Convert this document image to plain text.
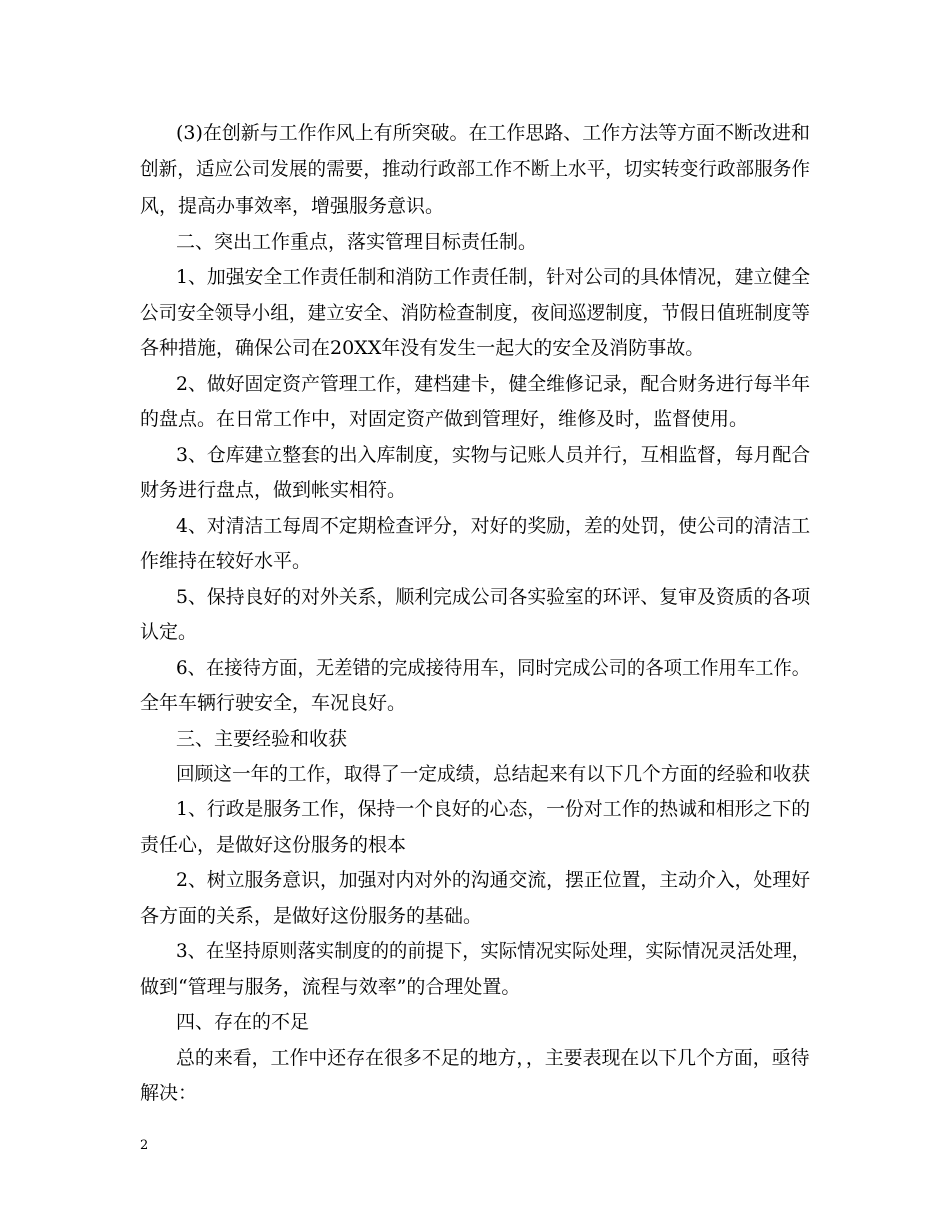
(3)在创新与工作作风上有所突破。在工作思路、工作方法等方面不断改进和
创新，适应公司发展的需要，推动行政部工作不断上水平，切实转变行政部服务作
风，提高办事效率，增强服务意识。
二、突出工作重点，落实管理目标责任制。
1、加强安全工作责任制和消防工作责任制，针对公司的具体情况，建立健全
公司安全领导小组，建立安全、消防检查制度，夜间巡逻制度，节假日值班制度等
各种措施，确保公司在20XX年没有发生一起大的安全及消防事故。
2、做好固定资产管理工作，建档建卡，健全维修记录，配合财务进行每半年
的盘点。在日常工作中，对固定资产做到管理好，维修及时，监督使用。
3、仓库建立整套的出入库制度，实物与记账人员并行，互相监督，每月配合
财务进行盘点，做到帐实相符。
4、对清洁工每周不定期检查评分，对好的奖励，差的处罚，使公司的清洁工
作维持在较好水平。
5、保持良好的对外关系，顺利完成公司各实验室的环评、复审及资质的各项
认定。
6、在接待方面，无差错的完成接待用车，同时完成公司的各项工作用车工作。
全年车辆行驶安全，车况良好。
三、主要经验和收获
回顾这一年的工作，取得了一定成绩，总结起来有以下几个方面的经验和收获
1、行政是服务工作，保持一个良好的心态，一份对工作的热诚和相形之下的
责任心，是做好这份服务的根本
2、树立服务意识，加强对内对外的沟通交流，摆正位置，主动介入，处理好
各方面的关系，是做好这份服务的基础。
3、在坚持原则落实制度的的前提下，实际情况实际处理，实际情况灵活处理，
做到“管理与服务，流程与效率”的合理处置。
四、存在的不足
总的来看，工作中还存在很多不足的地方，，主要表现在以下几个方面，亟待
解决：
2
